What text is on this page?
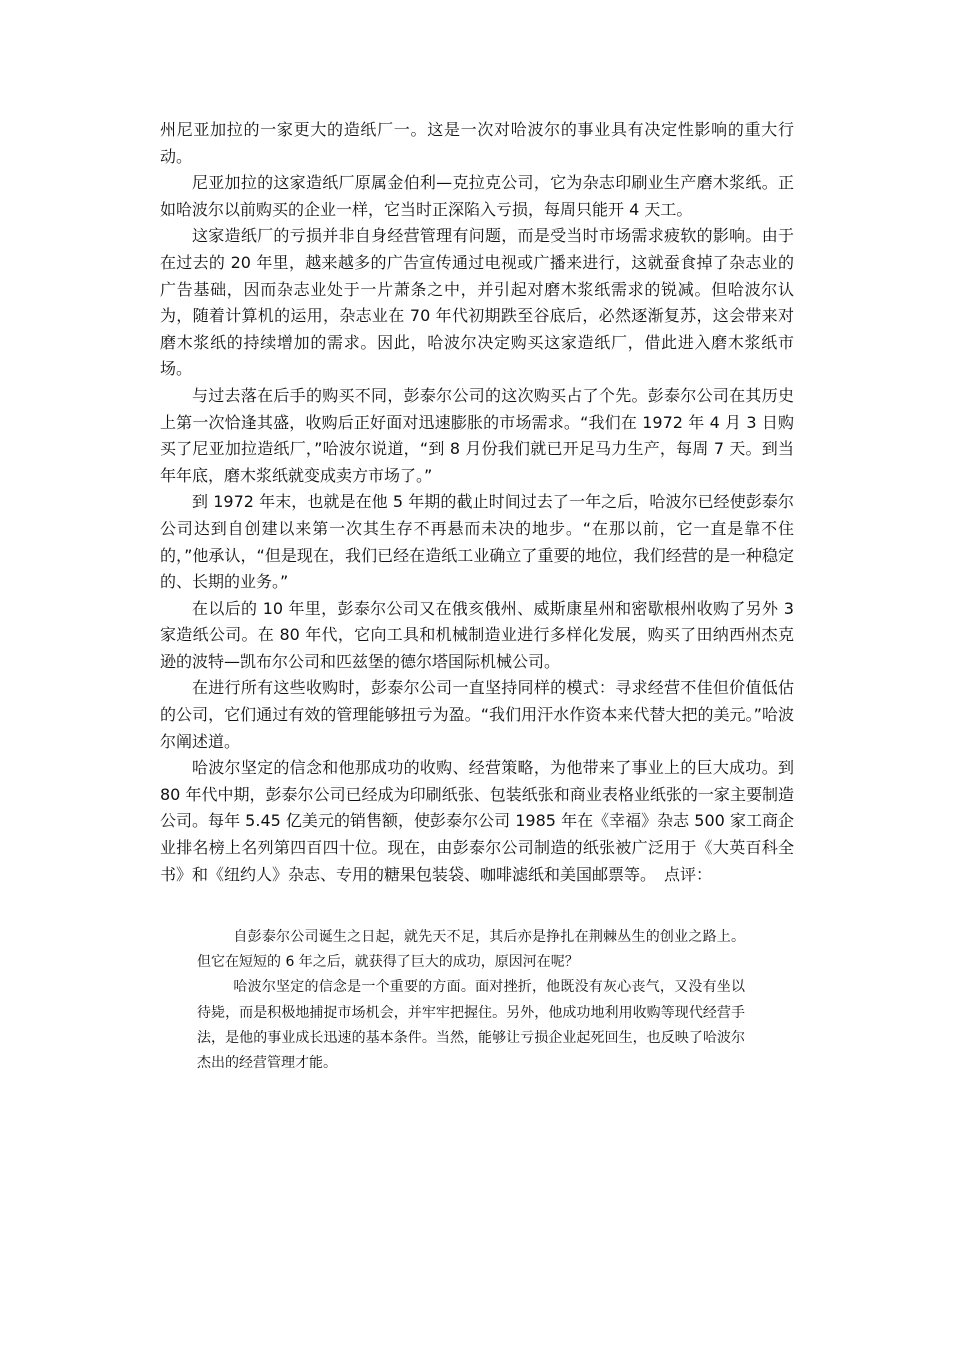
州尼亚加拉的一家更大的造纸厂一。这是一次对哈波尔的事业具有决定性影响的重大行动。

尼亚加拉的这家造纸厂原属金伯利—克拉克公司，它为杂志印刷业生产磨木浆纸。正如哈波尔以前购买的企业一样，它当时正深陷入亏损，每周只能开 4 天工。

这家造纸厂的亏损并非自身经营管理有问题，而是受当时市场需求疲软的影响。由于在过去的 20 年里，越来越多的广告宣传通过电视或广播来进行，这就蚕食掉了杂志业的广告基础，因而杂志业处于一片萧条之中，并引起对磨木浆纸需求的锐减。但哈波尔认为，随着计算机的运用，杂志业在 70 年代初期跌至谷底后，必然逐渐复苏，这会带来对磨木浆纸的持续增加的需求。因此，哈波尔决定购买这家造纸厂，借此进入磨木浆纸市场。

与过去落在后手的购买不同，彭泰尔公司的这次购买占了个先。彭泰尔公司在其历史上第一次恰逢其盛，收购后正好面对迅速膨胀的市场需求。“我们在 1972 年 4 月 3 日购买了尼亚加拉造纸厂，”哈波尔说道，“到 8 月份我们就已开足马力生产，每周 7 天。到当年年底，磨木浆纸就变成卖方市场了。”

到 1972 年末，也就是在他 5 年期的截止时间过去了一年之后，哈波尔已经使彭泰尔公司达到自创建以来第一次其生存不再悬而未决的地步。“在那以前，它一直是靠不住的，”他承认，“但是现在，我们已经在造纸工业确立了重要的地位，我们经营的是一种稳定的、长期的业务。”

在以后的 10 年里，彭泰尔公司又在俄亥俄州、威斯康星州和密歇根州收购了另外 3 家造纸公司。在 80 年代，它向工具和机械制造业进行多样化发展，购买了田纳西州杰克逊的波特—凯布尔公司和匹兹堡的德尔塔国际机械公司。

在进行所有这些收购时，彭泰尔公司一直坚持同样的模式：寻求经营不佳但价值低估的公司，它们通过有效的管理能够扭亏为盈。“我们用汗水作资本来代替大把的美元。”哈波尔阐述道。

哈波尔坚定的信念和他那成功的收购、经营策略，为他带来了事业上的巨大成功。到 80 年代中期，彭泰尔公司已经成为印刷纸张、包装纸张和商业表格业纸张的一家主要制造公司。每年 5.45 亿美元的销售额，使彭泰尔公司 1985 年在《幸福》杂志 500 家工商企业排名榜上名列第四百四十位。现在，由彭泰尔公司制造的纸张被广泛用于《大英百科全书》和《纽约人》杂志、专用的糖果包装袋、咖啡滤纸和美国邮票等。 点评：

自彭泰尔公司诞生之日起，就先天不足，其后亦是挣扎在荆棘丛生的创业之路上。但它在短短的 6 年之后，就获得了巨大的成功，原因河在呢？

哈波尔坚定的信念是一个重要的方面。面对挫折，他既没有灰心丧气，又没有坐以待毙，而是积极地捕捉市场机会，并牢牢把握住。另外，他成功地利用收购等现代经营手法，是他的事业成长迅速的基本条件。当然，能够让亏损企业起死回生，也反映了哈波尔杰出的经营管理才能。
